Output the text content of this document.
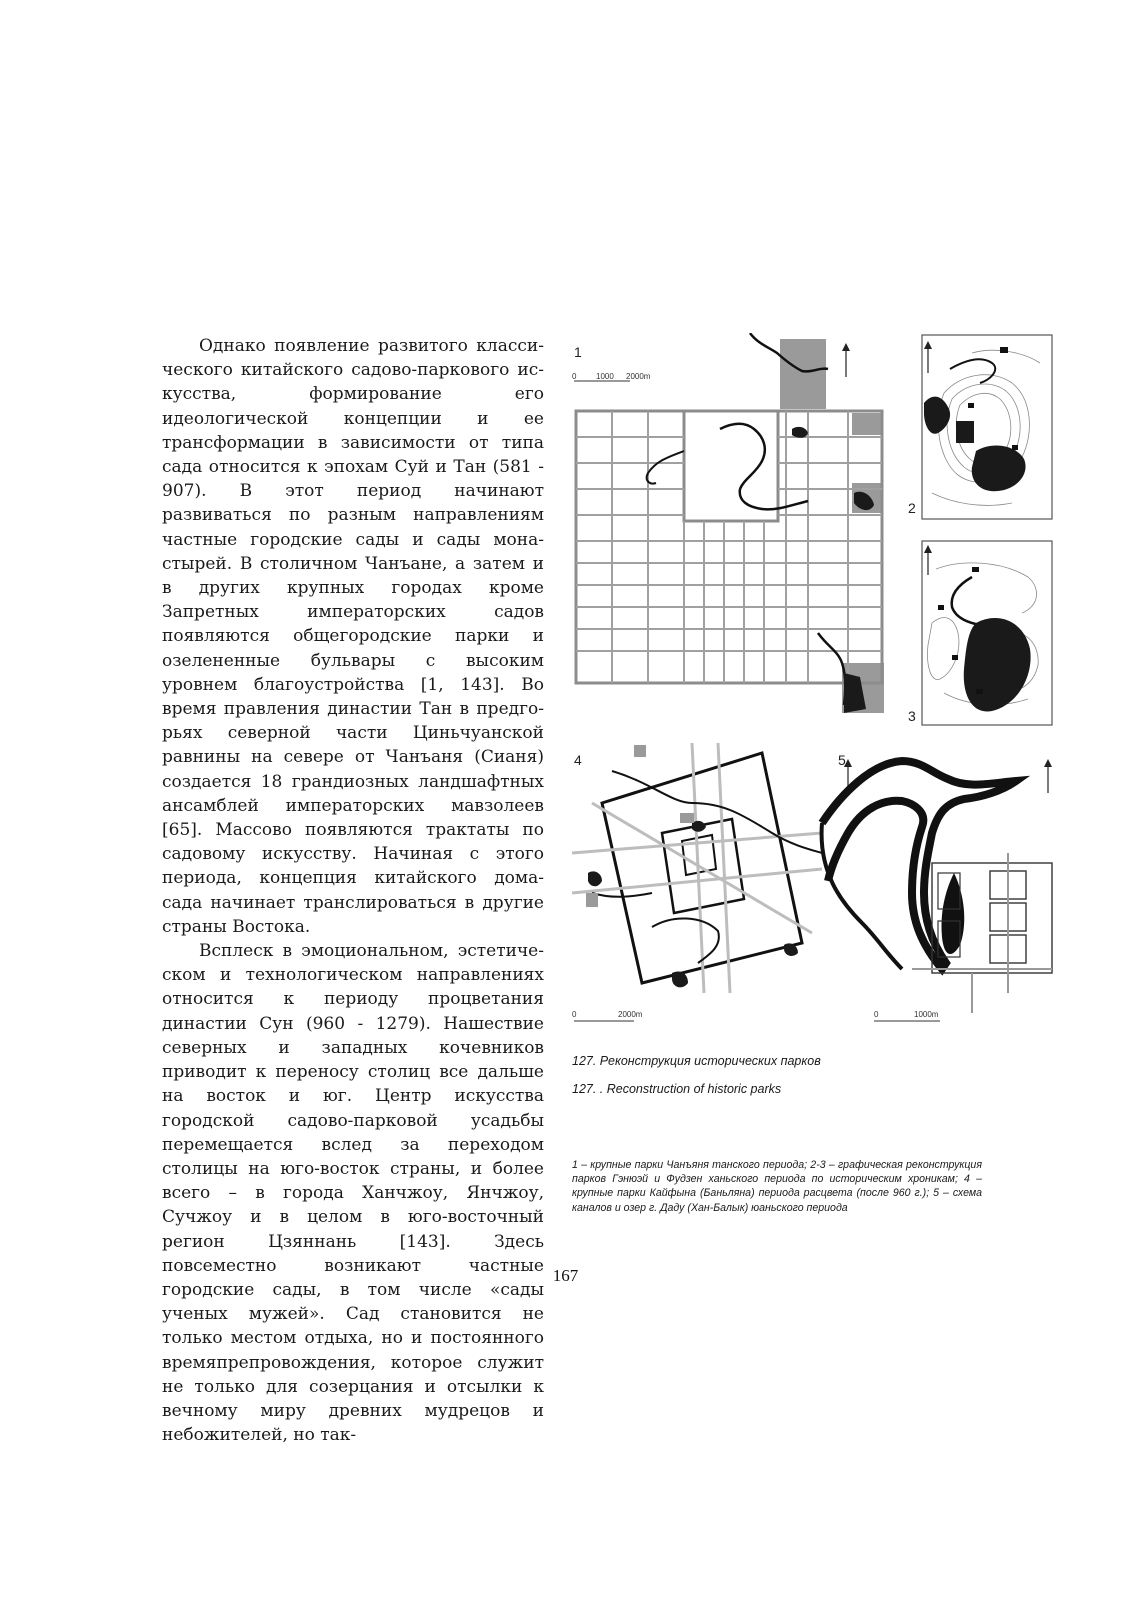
Однако появление развитого классического китайского садово-паркового искусства, формирование его идеологической концепции и ее трансформации в зависимости от типа сада относится к эпохам Суй и Тан (581 - 907). В этот период начинают развиваться по разным направлениям частные городские сады и сады монастырей. В столичном Чанъане, а затем и в других крупных городах кроме Запретных императорских садов появляются общегородские парки и озелененные бульвары с высоким уровнем благоустройства [1, 143]. Во время правления династии Тан в предгорьях северной части Циньчуанской равнины на севере от Чанъаня (Сианя) создается 18 грандиозных ландшафтных ансамблей императорских мавзолеев [65]. Массово появляются трактаты по садовому искусству. Начиная с этого периода, концепция китайского дома-сада начинает транслироваться в другие страны Востока.

Всплеск в эмоциональном, эстетическом и технологическом направлениях относится к периоду процветания династии Сун (960 - 1279). Нашествие северных и западных кочевников приводит к переносу столиц все дальше на восток и юг. Центр искусства городской садово-парковой усадьбы перемещается вслед за переходом столицы на юго-восток страны, и более всего – в города Ханчжоу, Янчжоу, Сучжоу и в целом в юго-восточный регион Цзяннань [143]. Здесь повсеместно возникают частные городские сады, в том числе «сады ученых мужей». Сад становится не только местом отдыха, но и постоянного времяпрепровождения, которое служит не только для созерцания и отсылки к вечному миру древних мудрецов и небожителей, но так-

1
0 1000 2000m
2
3
4
0	2000m
5
0	1000m
127. Реконструкция исторических парков
127. . Reconstruction of historic parks
1 – крупные парки Чанъяня танского периода; 2-3 – графическая реконструкция парков Гэнюэй и Фудзен ханьского периода по историческим хроникам; 4 – крупные парки Кайфына (Баньляна) периода расцвета (после 960 г.); 5 – схема каналов и озер г. Даду (Хан-Балык) юаньского периода
167
